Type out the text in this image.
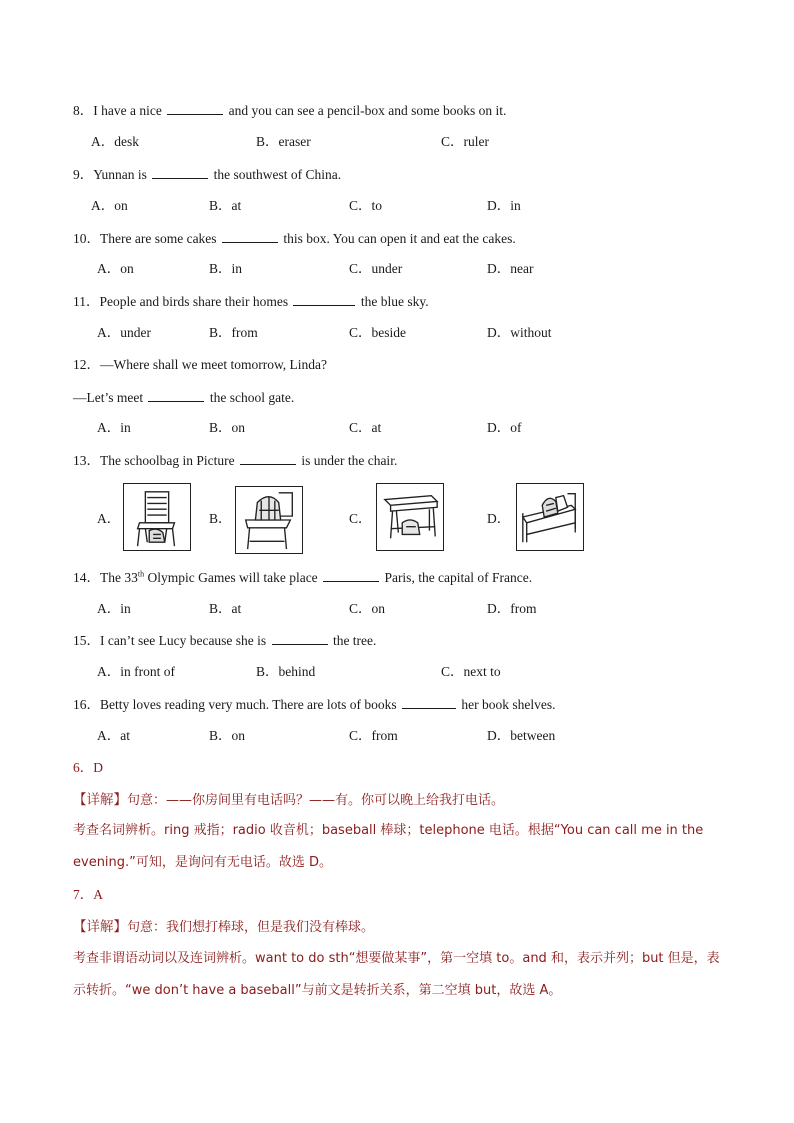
8．I have a nice	and you can see a pencil-box and some books on it.
A．desk	B．eraser	C．ruler
9．Yunnan is	the southwest of China.
A．on	B．at	C．to	D．in
10．There are some cakes	this box. You can open it and eat the cakes.
A．on	B．in	C．under	D．near
11．People and birds share their homes	the blue sky.
A．under	B．from	C．beside	D．without
12．—Where shall we meet tomorrow, Linda?
—Let’s meet	the school gate.
A．in	B．on	C．at	D．of
13．The schoolbag in Picture	is under the chair.
A．	B．	C．	D．
14．The 33th Olympic Games will take place	Paris, the capital of France.
A．in	B．at	C．on	D．from
15．I can’t see Lucy because she is	the tree.
A．in front of	B．behind	C．next to
16．Betty loves reading very much. There are lots of books	her book shelves.
A．at	B．on	C．from	D．between
6．D
【详解】句意：——你房间里有电话吗？——有。你可以晚上给我打电话。
考查名词辨析。ring 戒指；radio 收音机；baseball 棒球；telephone 电话。根据“You can call me in the
evening.”可知，是询问有无电话。故选 D。
7．A
【详解】句意：我们想打棒球，但是我们没有棒球。
考查非谓语动词以及连词辨析。want to do sth“想要做某事”，第一空填 to。and 和，表示并列；but 但是，表
示转折。“we don’t have a baseball”与前文是转折关系，第二空填 but，故选 A。
